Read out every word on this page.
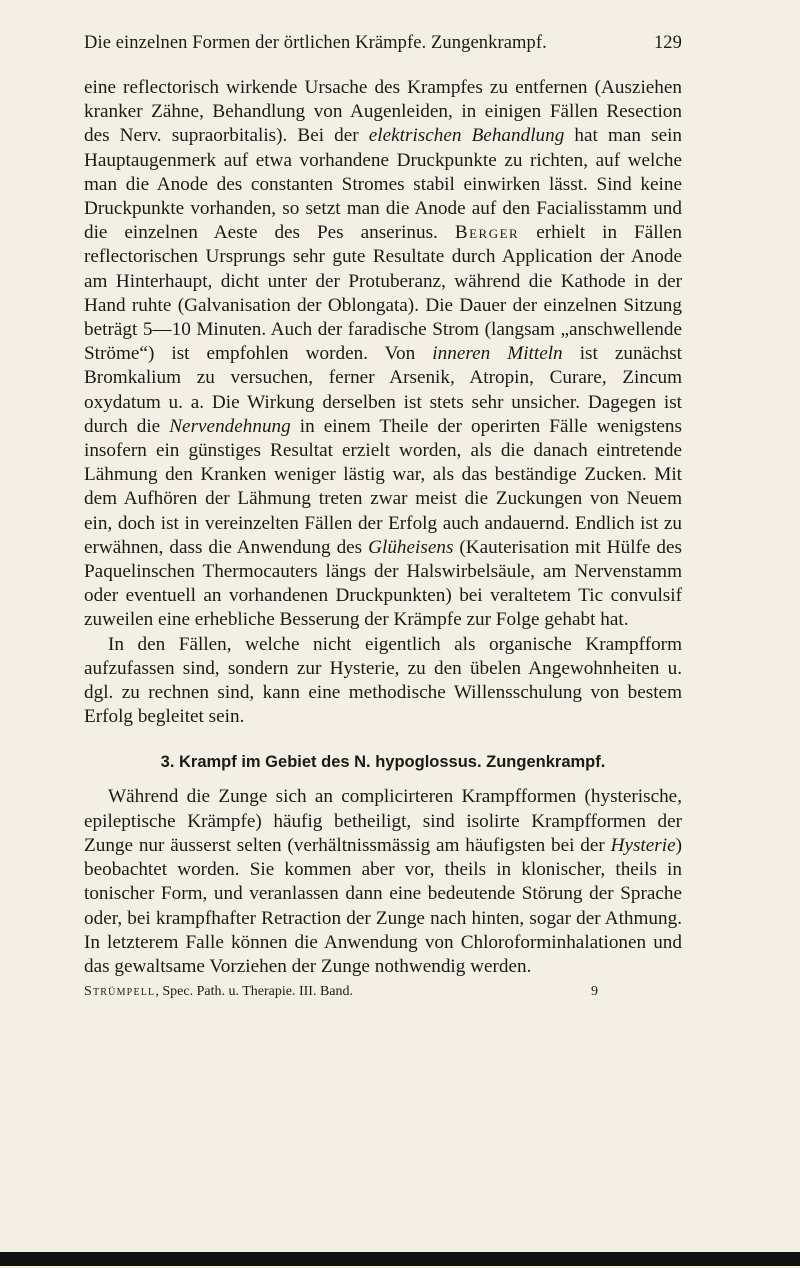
Die einzelnen Formen der örtlichen Krämpfe. Zungenkrampf.	129

eine reflectorisch wirkende Ursache des Krampfes zu entfernen (Ausziehen kranker Zähne, Behandlung von Augenleiden, in einigen Fällen Resection des Nerv. supraorbitalis). Bei der elektrischen Behandlung hat man sein Hauptaugenmerk auf etwa vorhandene Druckpunkte zu richten, auf welche man die Anode des constanten Stromes stabil einwirken lässt. Sind keine Druckpunkte vorhanden, so setzt man die Anode auf den Facialisstamm und die einzelnen Aeste des Pes anserinus. Berger erhielt in Fällen reflectorischen Ursprungs sehr gute Resultate durch Application der Anode am Hinterhaupt, dicht unter der Protuberanz, während die Kathode in der Hand ruhte (Galvanisation der Oblongata). Die Dauer der einzelnen Sitzung beträgt 5—10 Minuten. Auch der faradische Strom (langsam „anschwellende Ströme“) ist empfohlen worden. Von inneren Mitteln ist zunächst Bromkalium zu versuchen, ferner Arsenik, Atropin, Curare, Zincum oxydatum u. a. Die Wirkung derselben ist stets sehr unsicher. Dagegen ist durch die Nervendehnung in einem Theile der operirten Fälle wenigstens insofern ein günstiges Resultat erzielt worden, als die danach eintretende Lähmung den Kranken weniger lästig war, als das beständige Zucken. Mit dem Aufhören der Lähmung treten zwar meist die Zuckungen von Neuem ein, doch ist in vereinzelten Fällen der Erfolg auch andauernd. Endlich ist zu erwähnen, dass die Anwendung des Glüheisens (Kauterisation mit Hülfe des Paquelinschen Thermocauters längs der Halswirbelsäule, am Nervenstamm oder eventuell an vorhandenen Druckpunkten) bei veraltetem Tic convulsif zuweilen eine erhebliche Besserung der Krämpfe zur Folge gehabt hat.

In den Fällen, welche nicht eigentlich als organische Krampfform aufzufassen sind, sondern zur Hysterie, zu den übelen Angewohnheiten u. dgl. zu rechnen sind, kann eine methodische Willensschulung von bestem Erfolg begleitet sein.

3. Krampf im Gebiet des N. hypoglossus. Zungenkrampf.

Während die Zunge sich an complicirteren Krampfformen (hysterische, epileptische Krämpfe) häufig betheiligt, sind isolirte Krampfformen der Zunge nur äusserst selten (verhältnissmässig am häufigsten bei der Hysterie) beobachtet worden. Sie kommen aber vor, theils in klonischer, theils in tonischer Form, und veranlassen dann eine bedeutende Störung der Sprache oder, bei krampfhafter Retraction der Zunge nach hinten, sogar der Athmung. In letzterem Falle können die Anwendung von Chloroforminhalationen und das gewaltsame Vorziehen der Zunge nothwendig werden.

Strümpell, Spec. Path. u. Therapie. III. Band.	9
